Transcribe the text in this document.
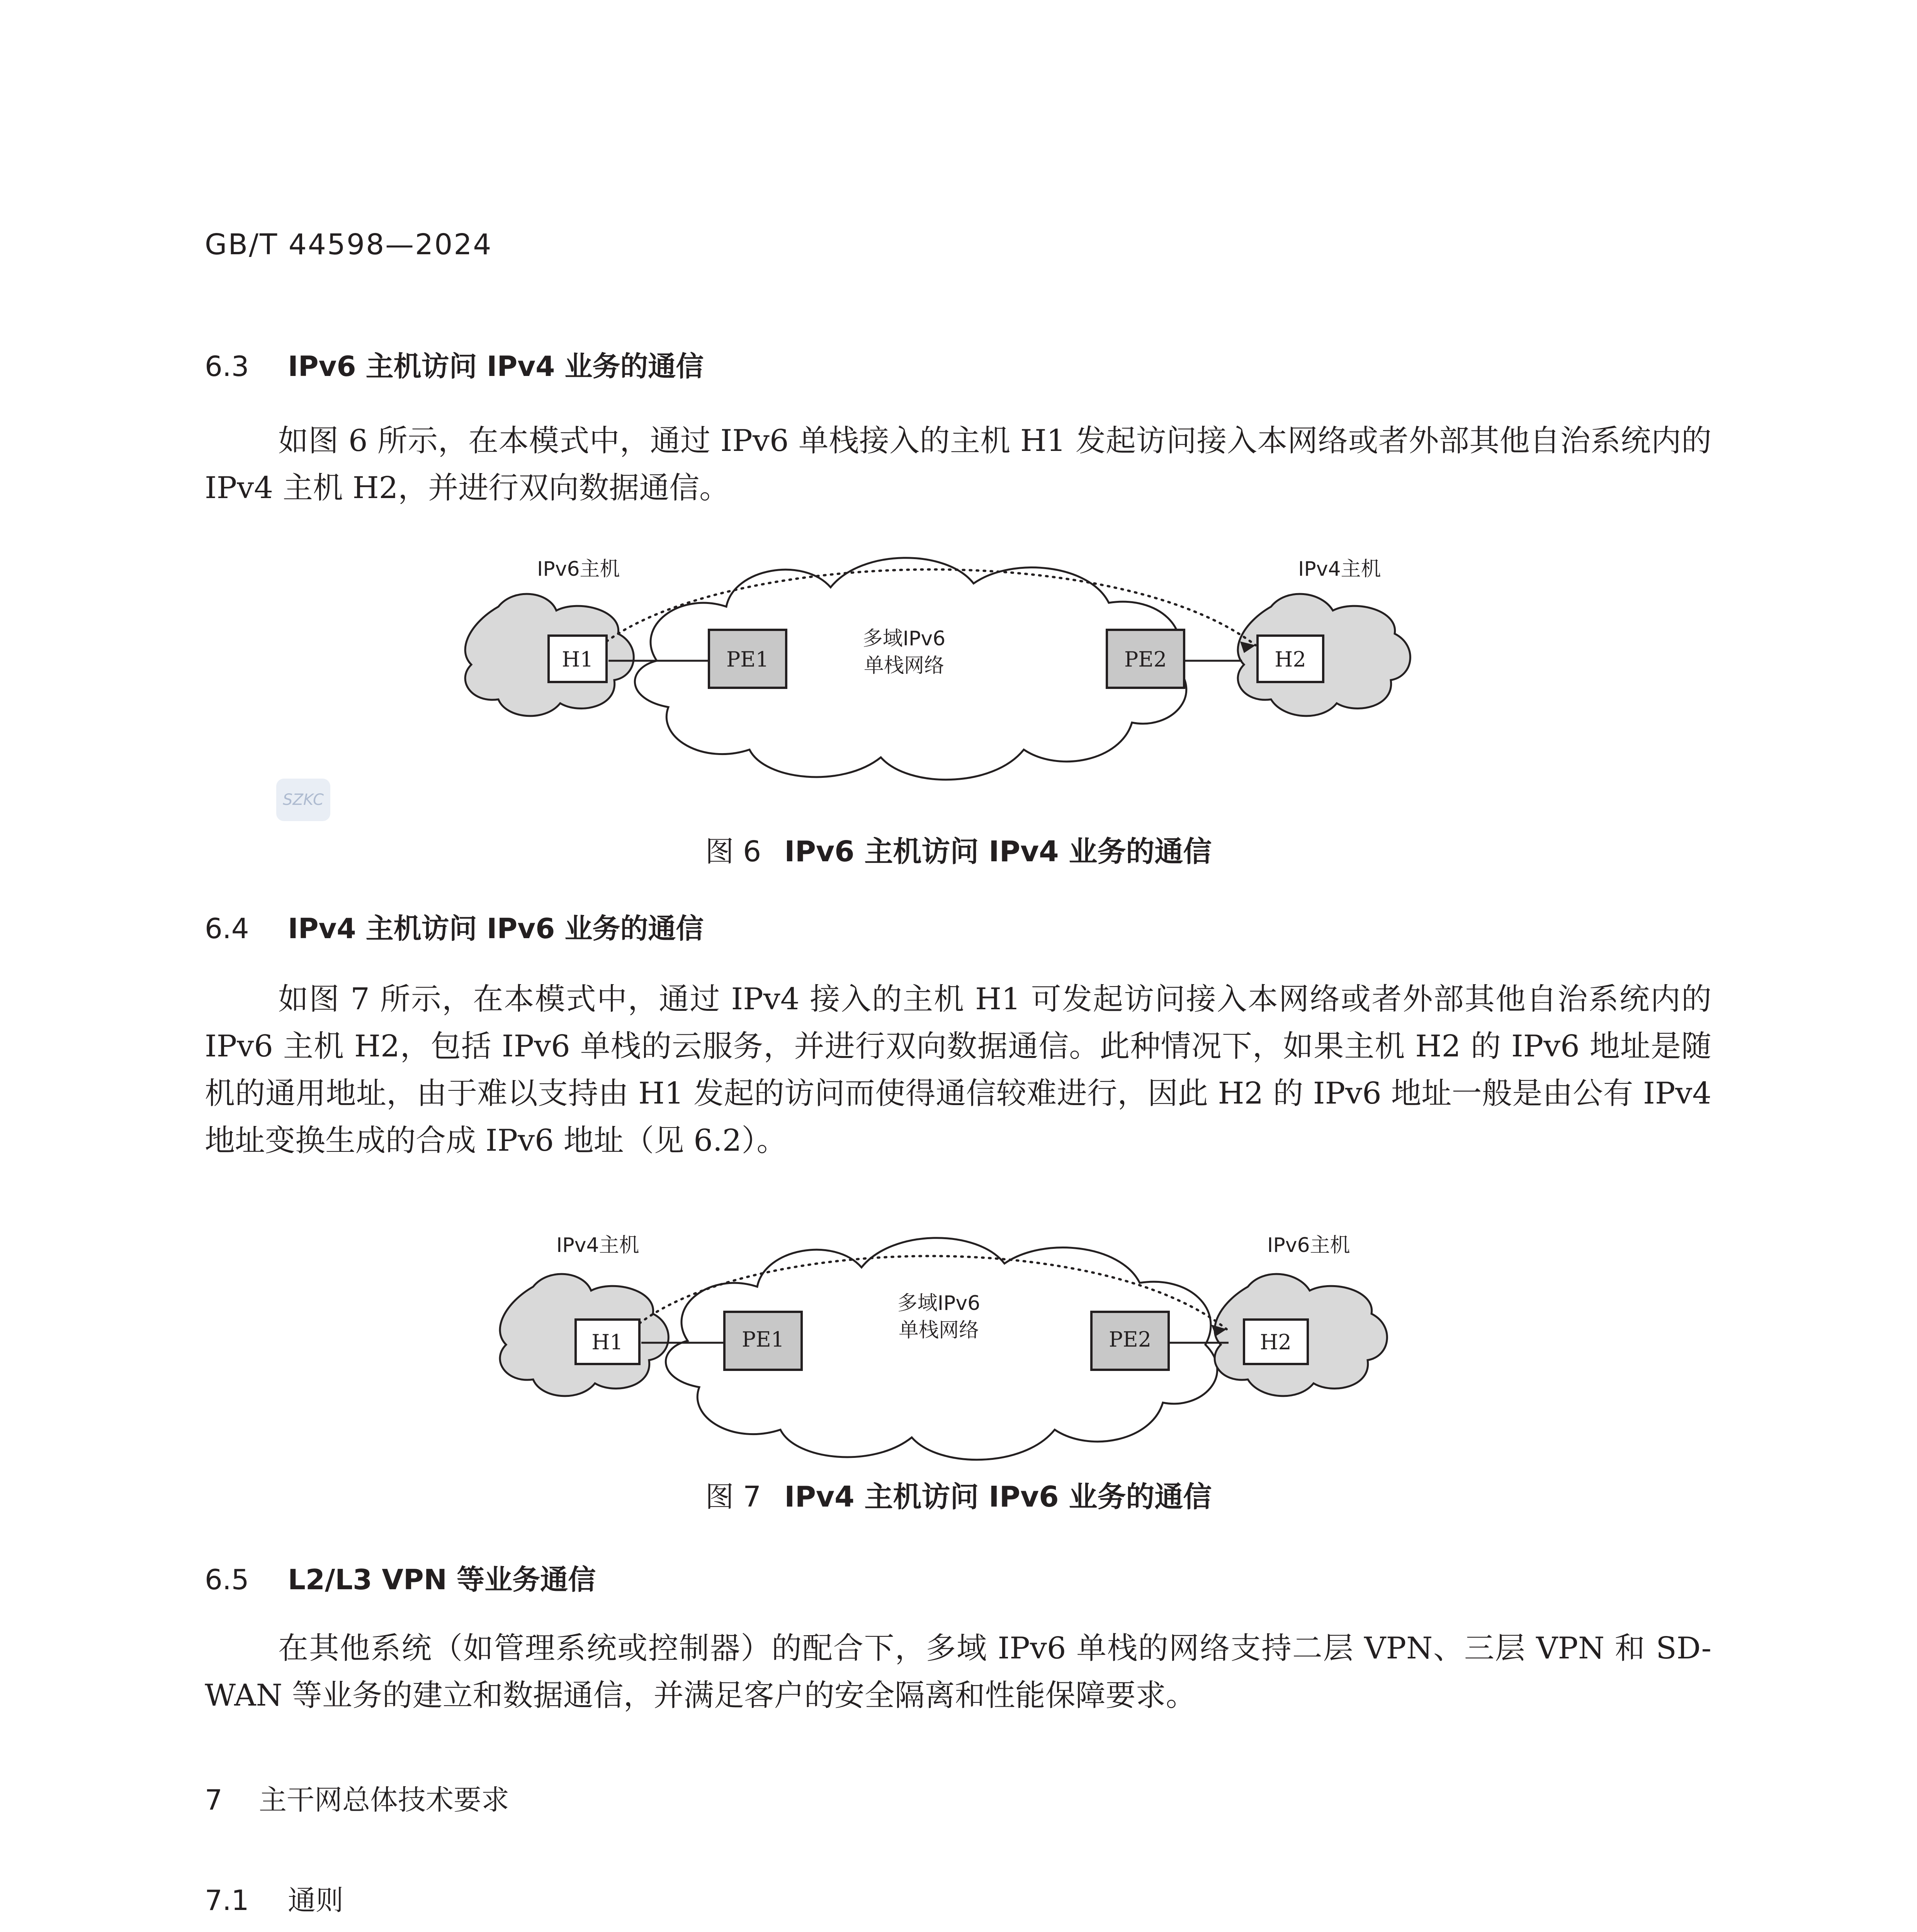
GB/T 44598—2024
6.3 IPv6 主机访问 IPv4 业务的通信

如图 6 所示，在本模式中，通过 IPv6 单栈接入的主机 H1 发起访问接入本网络或者外部其他自治系统内的 IPv4 主机 H2，并进行双向数据通信。

IPv6主机	IPv4主机
多域IPv6
单栈网络
H1	PE1	PE2	H2
SZKC
图 6 IPv6 主机访问 IPv4 业务的通信
6.4 IPv4 主机访问 IPv6 业务的通信

如图 7 所示，在本模式中，通过 IPv4 接入的主机 H1 可发起访问接入本网络或者外部其他自治系统内的 IPv6 主机 H2，包括 IPv6 单栈的云服务，并进行双向数据通信。此种情况下，如果主机 H2 的 IPv6 地址是随机的通用地址，由于难以支持由 H1 发起的访问而使得通信较难进行，因此 H2 的 IPv6 地址一般是由公有 IPv4 地址变换生成的合成 IPv6 地址（见 6.2）。

IPv4主机	IPv6主机
多域IPv6
单栈网络
H1	PE1	PE2	H2
图 7 IPv4 主机访问 IPv6 业务的通信
6.5 L2/L3 VPN 等业务通信

在其他系统（如管理系统或控制器）的配合下，多域 IPv6 单栈的网络支持二层 VPN、三层 VPN 和 SD-WAN 等业务的建立和数据通信，并满足客户的安全隔离和性能保障要求。

7 主干网总体技术要求
7.1 通则
